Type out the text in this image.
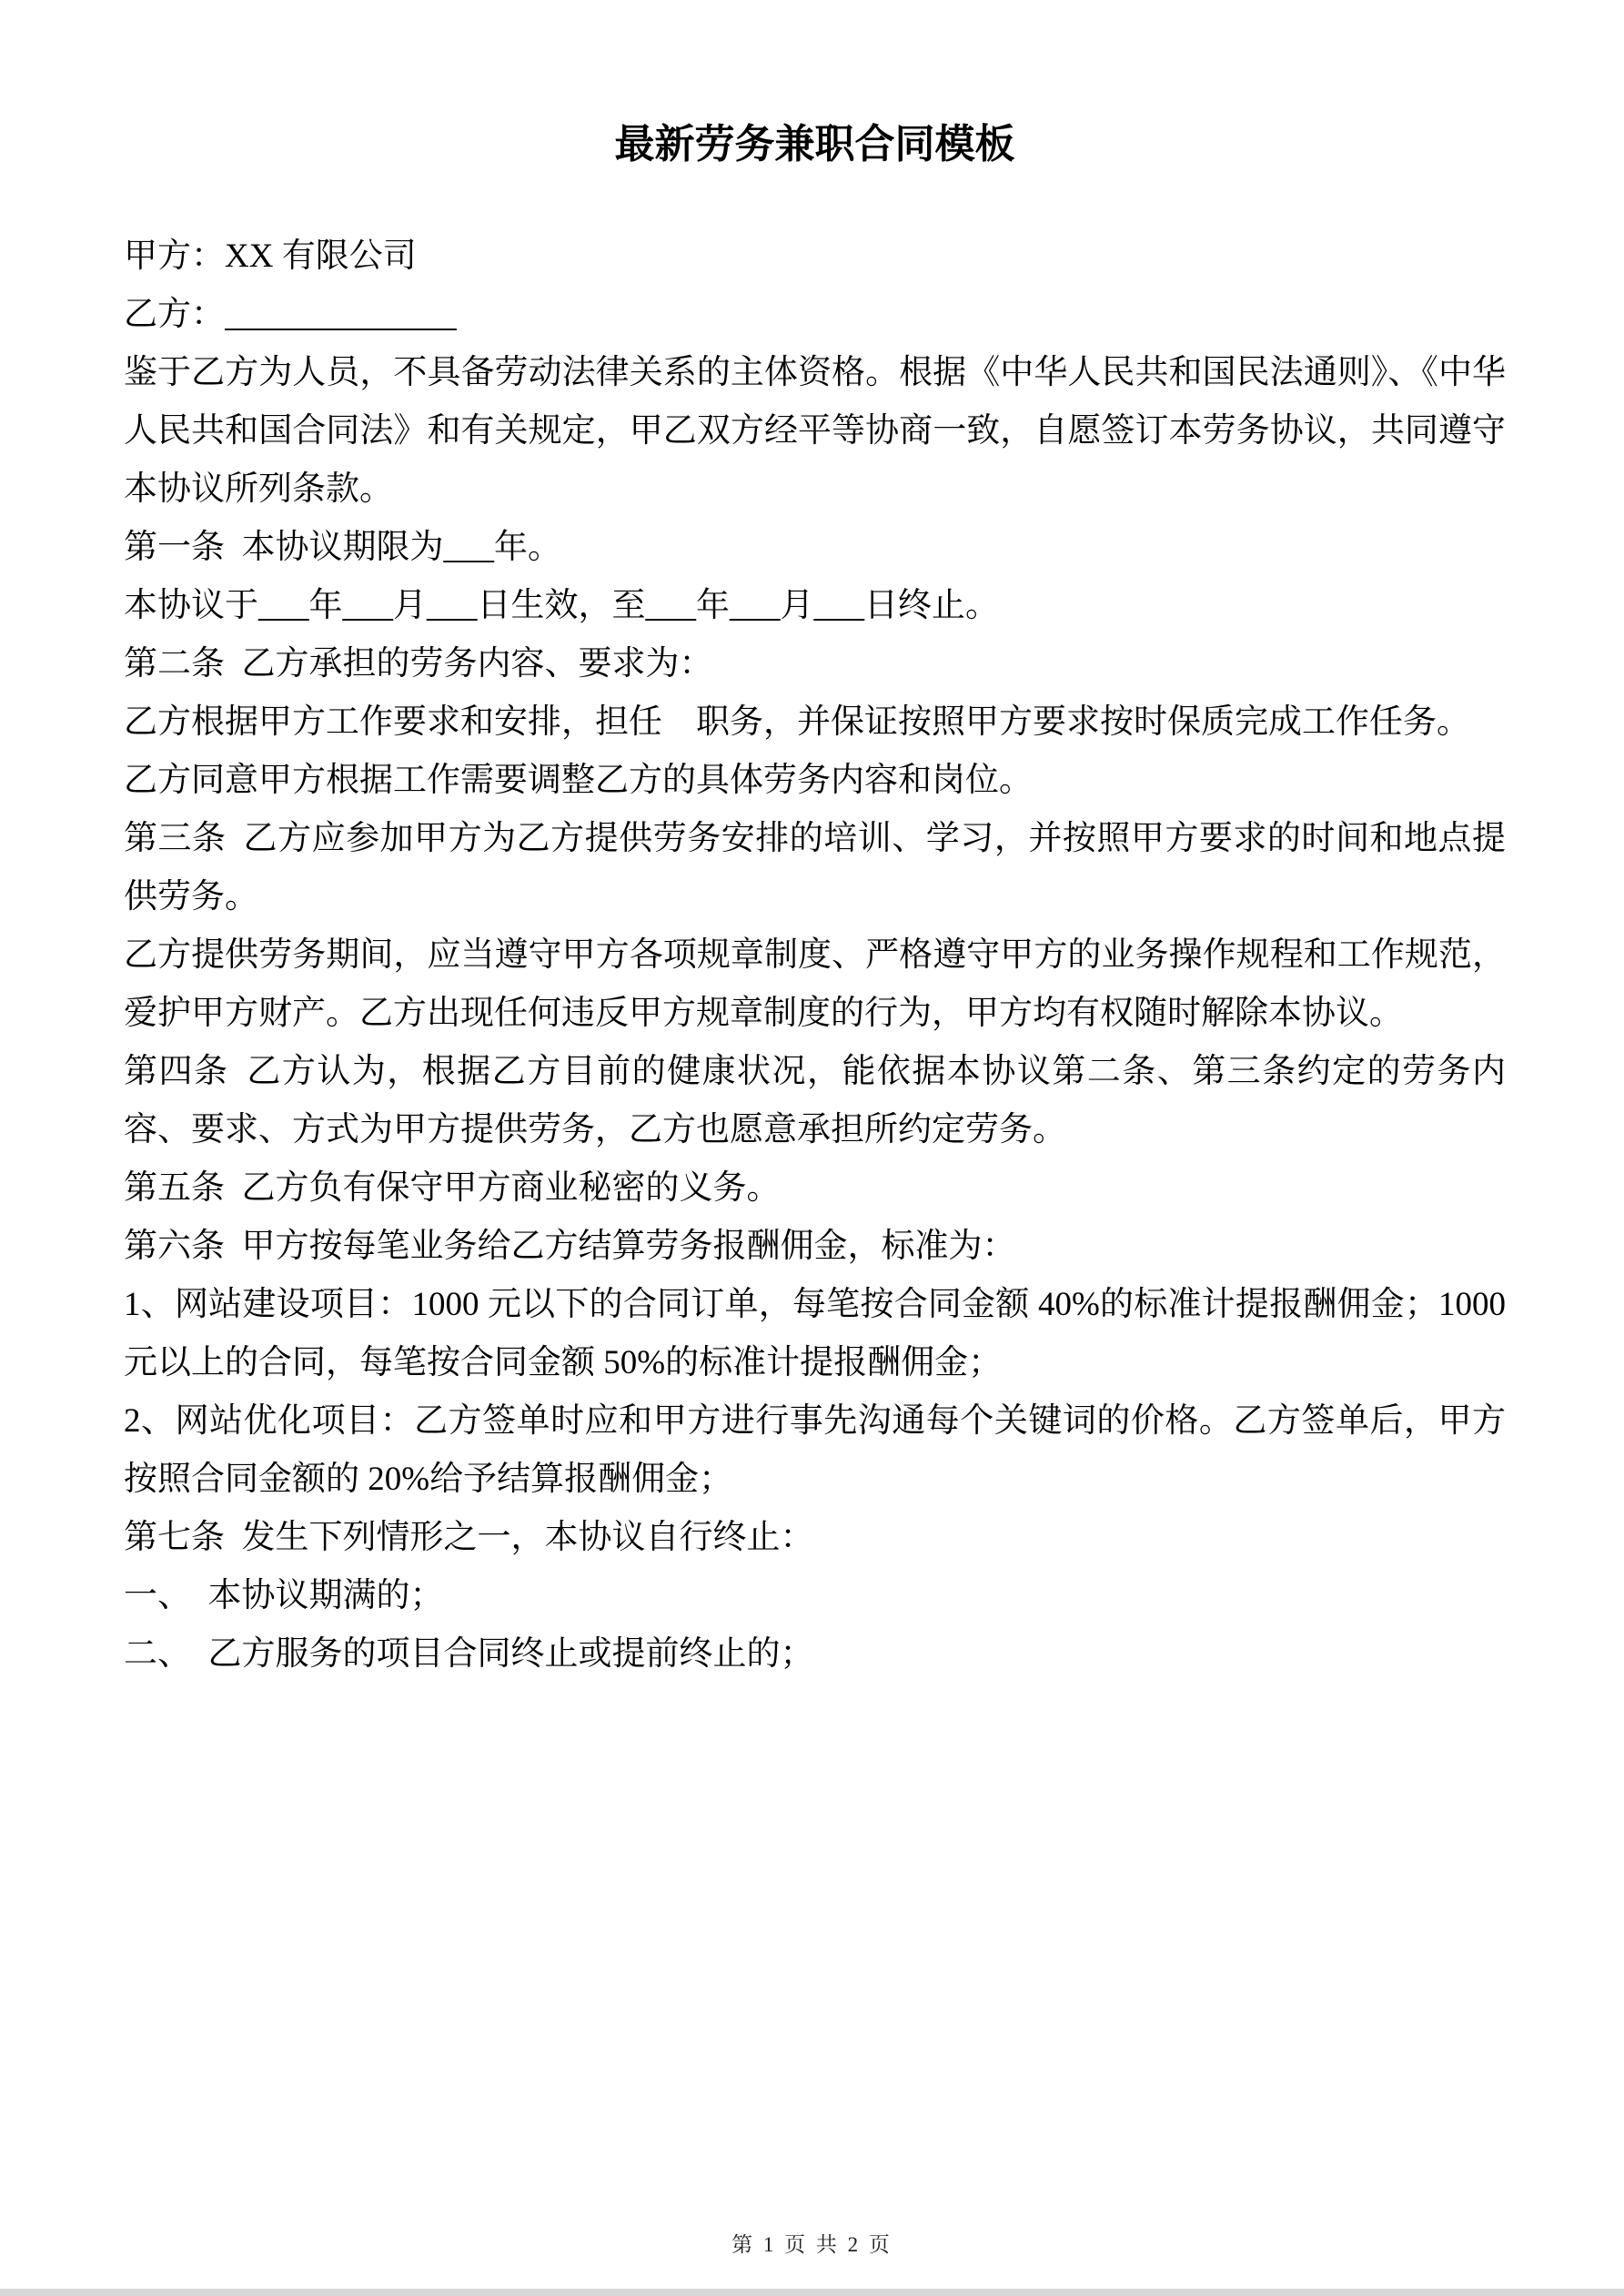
最新劳务兼职合同模板

甲方：XX 有限公司

乙方：

鉴于乙方为人员，不具备劳动法律关系的主体资格。根据《中华人民共和国民法通则》、《中华人民共和国合同法》和有关规定，甲乙双方经平等协商一致，自愿签订本劳务协议，共同遵守本协议所列条款。

第一条 本协议期限为___年。

本协议于___年___月___日生效，至___年___月___日终止。

第二条 乙方承担的劳务内容、要求为：

乙方根据甲方工作要求和安排，担任　职务，并保证按照甲方要求按时保质完成工作任务。

乙方同意甲方根据工作需要调整乙方的具体劳务内容和岗位。

第三条 乙方应参加甲方为乙方提供劳务安排的培训、学习，并按照甲方要求的时间和地点提供劳务。

乙方提供劳务期间，应当遵守甲方各项规章制度、严格遵守甲方的业务操作规程和工作规范，爱护甲方财产。乙方出现任何违反甲方规章制度的行为，甲方均有权随时解除本协议。

第四条 乙方认为，根据乙方目前的健康状况，能依据本协议第二条、第三条约定的劳务内容、要求、方式为甲方提供劳务，乙方也愿意承担所约定劳务。

第五条 乙方负有保守甲方商业秘密的义务。

第六条 甲方按每笔业务给乙方结算劳务报酬佣金，标准为：

1、网站建设项目：1000 元以下的合同订单，每笔按合同金额 40%的标准计提报酬佣金；1000 元以上的合同，每笔按合同金额 50%的标准计提报酬佣金；

2、网站优化项目：乙方签单时应和甲方进行事先沟通每个关键词的价格。乙方签单后，甲方按照合同金额的 20%给予结算报酬佣金；

第七条 发生下列情形之一，本协议自行终止：

一、　本协议期满的；

二、　乙方服务的项目合同终止或提前终止的；

第 1 页 共 2 页
